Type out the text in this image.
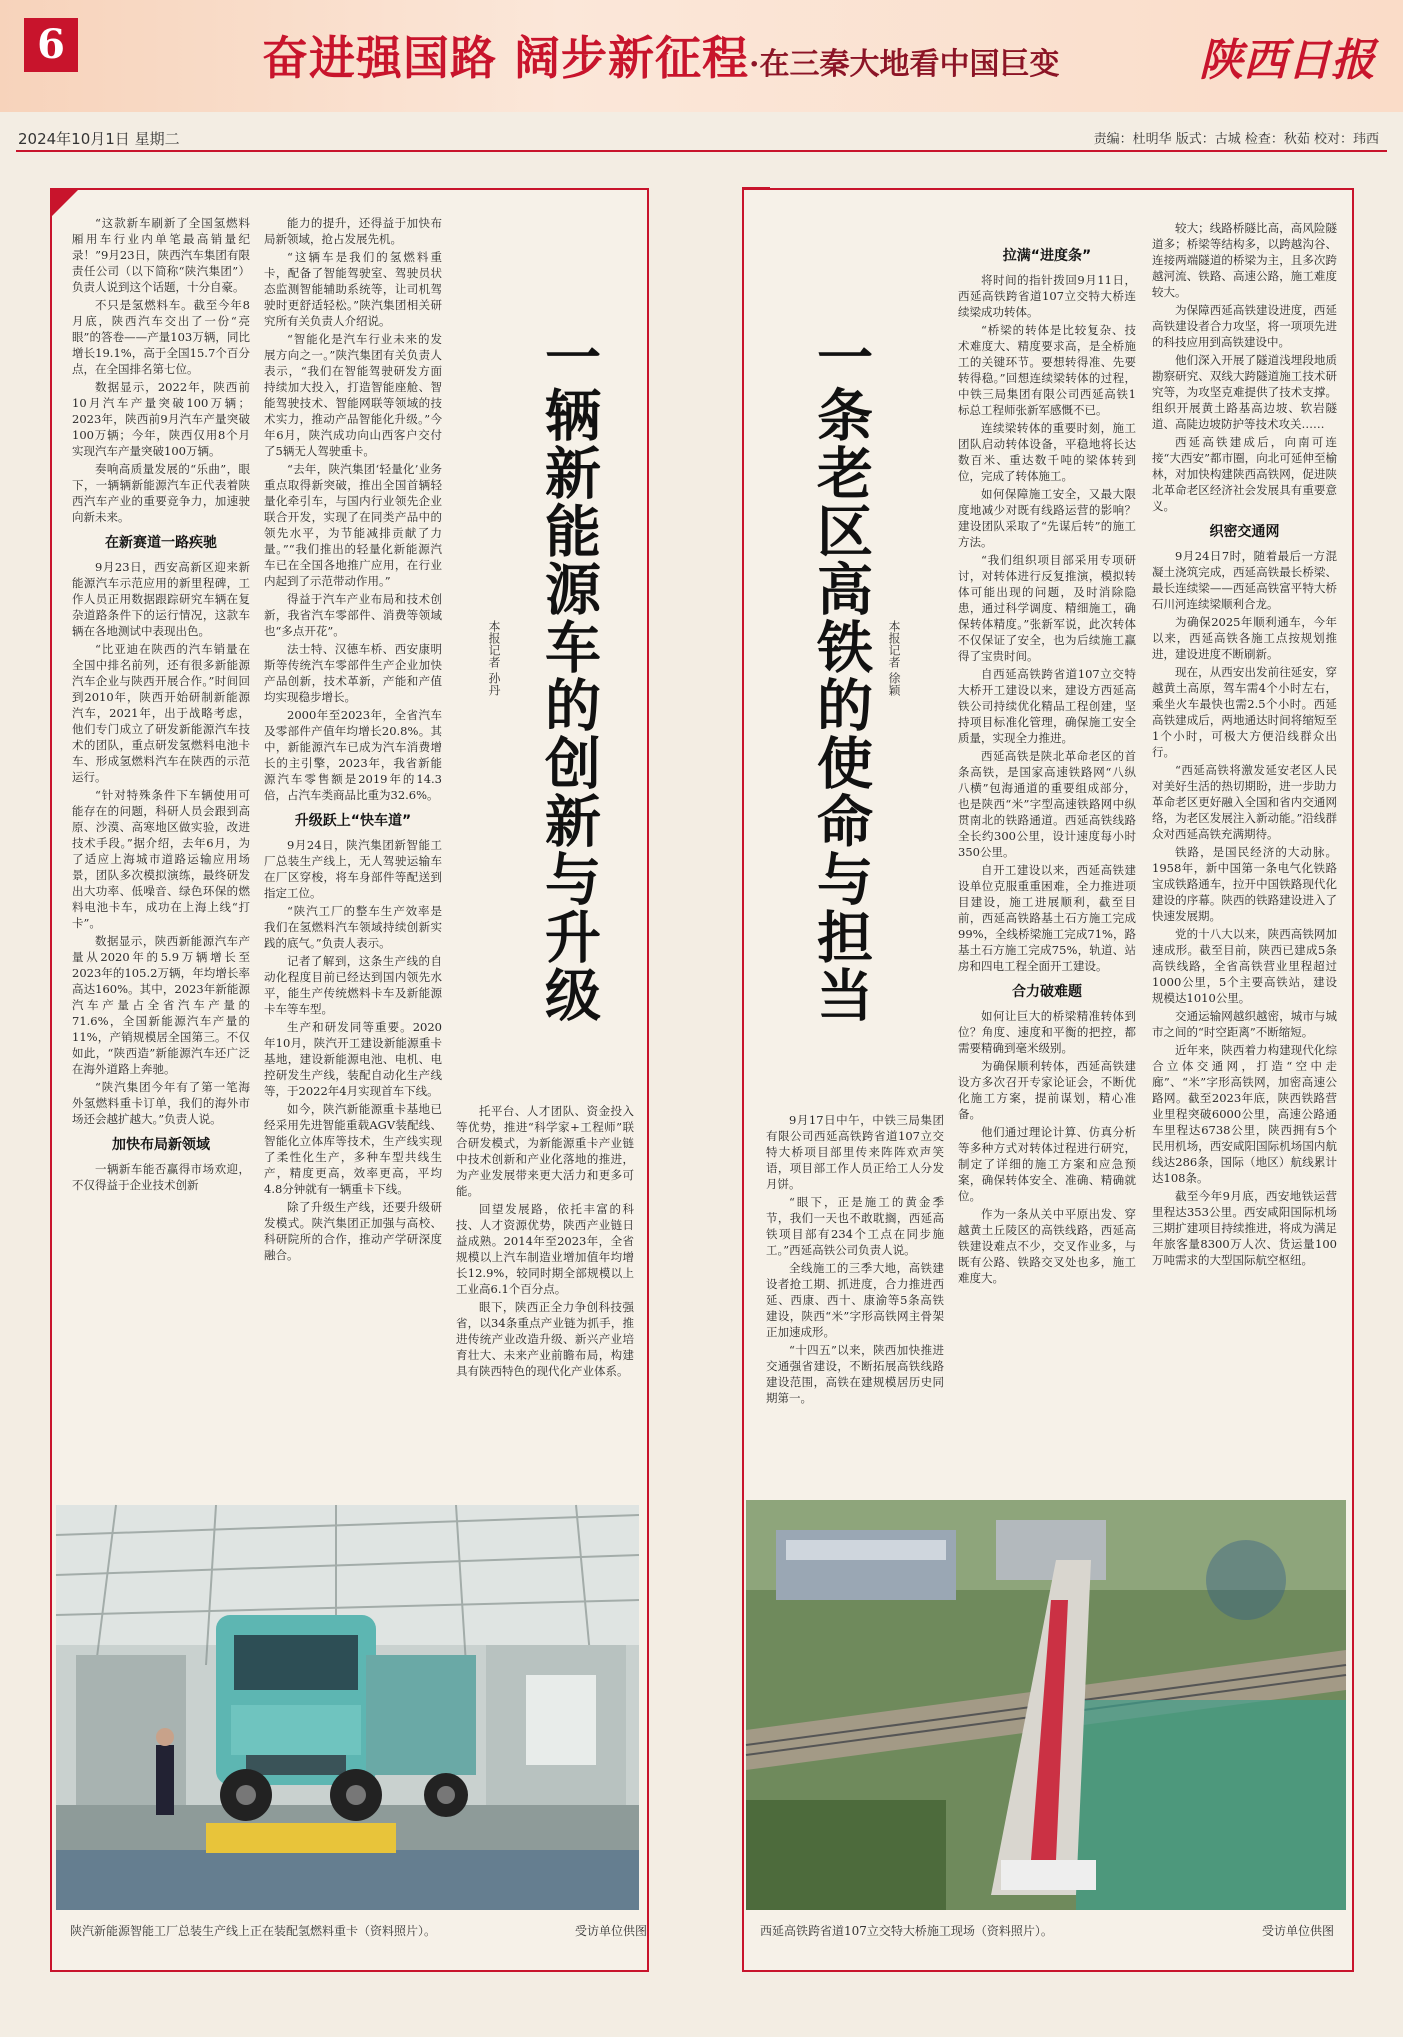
6	奋进强国路 阔步新征程·在三秦大地看中国巨变	陕西日报
2024年10月1日 星期二	责编：杜明华 版式：古城 检查：秋茹 校对：玮西

“这款新车刷新了全国氢燃料厢用车行业内单笔最高销量纪录！”9月23日，陕西汽车集团有限责任公司（以下简称“陕汽集团”）负责人说到这个话题，十分自豪。

不只是氢燃料车。截至今年8月底，陕西汽车交出了一份“亮眼”的答卷——产量103万辆，同比增长19.1%，高于全国15.7个百分点，在全国排名第七位。

数据显示，2022年，陕西前10月汽车产量突破100万辆；2023年，陕西前9月汽车产量突破100万辆；今年，陕西仅用8个月实现汽车产量突破100万辆。

奏响高质量发展的“乐曲”，眼下，一辆辆新能源汽车正代表着陕西汽车产业的重要竞争力，加速驶向新未来。

在新赛道一路疾驰

9月23日，西安高新区迎来新能源汽车示范应用的新里程碑，工作人员正用数据跟踪研究车辆在复杂道路条件下的运行情况，这款车辆在各地测试中表现出色。

“比亚迪在陕西的汽车销量在全国中排名前列，还有很多新能源汽车企业与陕西开展合作。”时间回到2010年，陕西开始研制新能源汽车，2021年，出于战略考虑，他们专门成立了研发新能源汽车技术的团队，重点研发氢燃料电池卡车、形成氢燃料汽车在陕西的示范运行。

“针对特殊条件下车辆使用可能存在的问题，科研人员会跟到高原、沙漠、高寒地区做实验，改进技术手段。”据介绍，去年6月，为了适应上海城市道路运输应用场景，团队多次模拟演练，最终研发出大功率、低噪音、绿色环保的燃料电池卡车，成功在上海上线“打卡”。

数据显示，陕西新能源汽车产量从2020年的5.9万辆增长至2023年的105.2万辆，年均增长率高达160%。其中，2023年新能源汽车产量占全省汽车产量的71.6%，全国新能源汽车产量的11%，产销规模居全国第三。不仅如此，“陕西造”新能源汽车还广泛在海外道路上奔驰。

“陕汽集团今年有了第一笔海外氢燃料重卡订单，我们的海外市场还会越扩越大。”负责人说。

加快布局新领域

一辆新车能否赢得市场欢迎，不仅得益于企业技术创新

能力的提升，还得益于加快布局新领域，抢占发展先机。

“这辆车是我们的氢燃料重卡，配备了智能驾驶室、驾驶员状态监测智能辅助系统等，让司机驾驶时更舒适轻松。”陕汽集团相关研究所有关负责人介绍说。

“智能化是汽车行业未来的发展方向之一。”陕汽集团有关负责人表示，“我们在智能驾驶研发方面持续加大投入，打造智能座舱、智能驾驶技术、智能网联等领域的技术实力，推动产品智能化升级。”今年6月，陕汽成功向山西客户交付了5辆无人驾驶重卡。

“去年，陕汽集团‘轻量化’业务重点取得新突破，推出全国首辆轻量化牵引车，与国内行业领先企业联合开发，实现了在同类产品中的领先水平，为节能减排贡献了力量。”“我们推出的轻量化新能源汽车已在全国各地推广应用，在行业内起到了示范带动作用。”

得益于汽车产业布局和技术创新，我省汽车零部件、消费等领域也“多点开花”。

法士特、汉德车桥、西安康明斯等传统汽车零部件生产企业加快产品创新，技术革新，产能和产值均实现稳步增长。

2000年至2023年，全省汽车及零部件产值年均增长20.8%。其中，新能源汽车已成为汽车消费增长的主引擎，2023年，我省新能源汽车零售额是2019年的14.3倍，占汽车类商品比重为32.6%。

升级跃上“快车道”

9月24日，陕汽集团新智能工厂总装生产线上，无人驾驶运输车在厂区穿梭，将车身部件等配送到指定工位。

“陕汽工厂的整车生产效率是我们在氢燃料汽车领域持续创新实践的底气。”负责人表示。

记者了解到，这条生产线的自动化程度目前已经达到国内领先水平，能生产传统燃料卡车及新能源卡车等车型。

生产和研发同等重要。2020年10月，陕汽开工建设新能源重卡基地，建设新能源电池、电机、电控研发生产线，装配自动化生产线等，于2022年4月实现首车下线。

如今，陕汽新能源重卡基地已经采用先进智能重载AGV装配线、智能化立体库等技术，生产线实现了柔性化生产，多种车型共线生产，精度更高，效率更高，平均4.8分钟就有一辆重卡下线。

除了升级生产线，还要升级研发模式。陕汽集团正加强与高校、科研院所的合作，推动产学研深度融合。

托平台、人才团队、资金投入等优势，推进“科学家+工程师”联合研发模式，为新能源重卡产业链中技术创新和产业化落地的推进，为产业发展带来更大活力和更多可能。

回望发展路，依托丰富的科技、人才资源优势，陕西产业链日益成熟。2014年至2023年，全省规模以上汽车制造业增加值年均增长12.9%，较同时期全部规模以上工业高6.1个百分点。

眼下，陕西正全力争创科技强省，以34条重点产业链为抓手，推进传统产业改造升级、新兴产业培育壮大、未来产业前瞻布局，构建具有陕西特色的现代化产业体系。

一辆新能源车的创新与升级
本报记者 孙丹
陕汽新能源智能工厂总装生产线上正在装配氢燃料重卡（资料照片）。	受访单位供图
一条老区高铁的使命与担当	本报记者 徐颖
拉满“进度条”

将时间的指针拨回9月11日，西延高铁跨省道107立交特大桥连续梁成功转体。

“桥梁的转体是比较复杂、技术难度大、精度要求高，是全桥施工的关键环节。要想转得准、先要转得稳。”回想连续梁转体的过程，中铁三局集团有限公司西延高铁1标总工程师张新军感慨不已。

连续梁转体的重要时刻，施工团队启动转体设备，平稳地将长达数百米、重达数千吨的梁体转到位，完成了转体施工。

如何保障施工安全，又最大限度地减少对既有线路运营的影响？建设团队采取了“先谋后转”的施工方法。

“我们组织项目部采用专项研讨，对转体进行反复推演，模拟转体可能出现的问题，及时消除隐患，通过科学调度、精细施工，确保转体精度。”张新军说，此次转体不仅保证了安全，也为后续施工赢得了宝贵时间。

自西延高铁跨省道107立交特大桥开工建设以来，建设方西延高铁公司持续优化精品工程创建，坚持项目标准化管理，确保施工安全质量，实现全力推进。

西延高铁是陕北革命老区的首条高铁，是国家高速铁路网“八纵八横”包海通道的重要组成部分，也是陕西“米”字型高速铁路网中纵贯南北的铁路通道。西延高铁线路全长约300公里，设计速度每小时350公里。

自开工建设以来，西延高铁建设单位克服重重困难，全力推进项目建设，施工进展顺利，截至目前，西延高铁路基土石方施工完成99%，全线桥梁施工完成71%，路基土石方施工完成75%，轨道、站房和四电工程全面开工建设。

合力破难题

如何让巨大的桥梁精准转体到位？角度、速度和平衡的把控，都需要精确到毫米级别。

为确保顺利转体，西延高铁建设方多次召开专家论证会，不断优化施工方案，提前谋划，精心准备。

他们通过理论计算、仿真分析等多种方式对转体过程进行研究，制定了详细的施工方案和应急预案，确保转体安全、准确、精确就位。

作为一条从关中平原出发、穿越黄土丘陵区的高铁线路，西延高铁建设难点不少，交叉作业多，与既有公路、铁路交叉处也多，施工难度大。

9月17日中午，中铁三局集团有限公司西延高铁跨省道107立交特大桥项目部里传来阵阵欢声笑语，项目部工作人员正给工人分发月饼。

“眼下，正是施工的黄金季节，我们一天也不敢耽搁，西延高铁项目部有234个工点在同步施工。”西延高铁公司负责人说。

全线施工的三季大地，高铁建设者抢工期、抓进度，合力推进西延、西康、西十、康渝等5条高铁建设，陕西“米”字形高铁网主骨架正加速成形。

“十四五”以来，陕西加快推进交通强省建设，不断拓展高铁线路建设范围，高铁在建规模居历史同期第一。

较大；线路桥隧比高，高风险隧道多；桥梁等结构多，以跨越沟谷、连接两端隧道的桥梁为主，且多次跨越河流、铁路、高速公路，施工难度较大。

为保障西延高铁建设进度，西延高铁建设者合力攻坚，将一项项先进的科技应用到高铁建设中。

他们深入开展了隧道浅埋段地质勘察研究、双线大跨隧道施工技术研究等，为攻坚克难提供了技术支撑。组织开展黄土路基高边坡、软岩隧道、高陡边坡防护等技术攻关……

西延高铁建成后，向南可连接“大西安”都市圈，向北可延伸至榆林，对加快构建陕西高铁网，促进陕北革命老区经济社会发展具有重要意义。

织密交通网

9月24日7时，随着最后一方混凝土浇筑完成，西延高铁最长桥梁、最长连续梁——西延高铁富平特大桥石川河连续梁顺利合龙。

为确保2025年顺利通车，今年以来，西延高铁各施工点按规划推进，建设进度不断刷新。

现在，从西安出发前往延安，穿越黄土高原，驾车需4个小时左右，乘坐火车最快也需2.5个小时。西延高铁建成后，两地通达时间将缩短至1个小时，可极大方便沿线群众出行。

“西延高铁将激发延安老区人民对美好生活的热切期盼，进一步助力革命老区更好融入全国和省内交通网络，为老区发展注入新动能。”沿线群众对西延高铁充满期待。

铁路，是国民经济的大动脉。1958年，新中国第一条电气化铁路宝成铁路通车，拉开中国铁路现代化建设的序幕。陕西的铁路建设进入了快速发展期。

党的十八大以来，陕西高铁网加速成形。截至目前，陕西已建成5条高铁线路，全省高铁营业里程超过1000公里，5个主要高铁站，建设规模达1010公里。

交通运输网越织越密，城市与城市之间的“时空距离”不断缩短。

近年来，陕西着力构建现代化综合立体交通网，打造“空中走廊”、“米”字形高铁网，加密高速公路网。截至2023年底，陕西铁路营业里程突破6000公里，高速公路通车里程达6738公里，陕西拥有5个民用机场，西安咸阳国际机场国内航线达286条，国际（地区）航线累计达108条。

截至今年9月底，西安地铁运营里程达353公里。西安咸阳国际机场三期扩建项目持续推进，将成为满足年旅客量8300万人次、货运量100万吨需求的大型国际航空枢纽。

西延高铁跨省道107立交特大桥施工现场（资料照片）。	受访单位供图
